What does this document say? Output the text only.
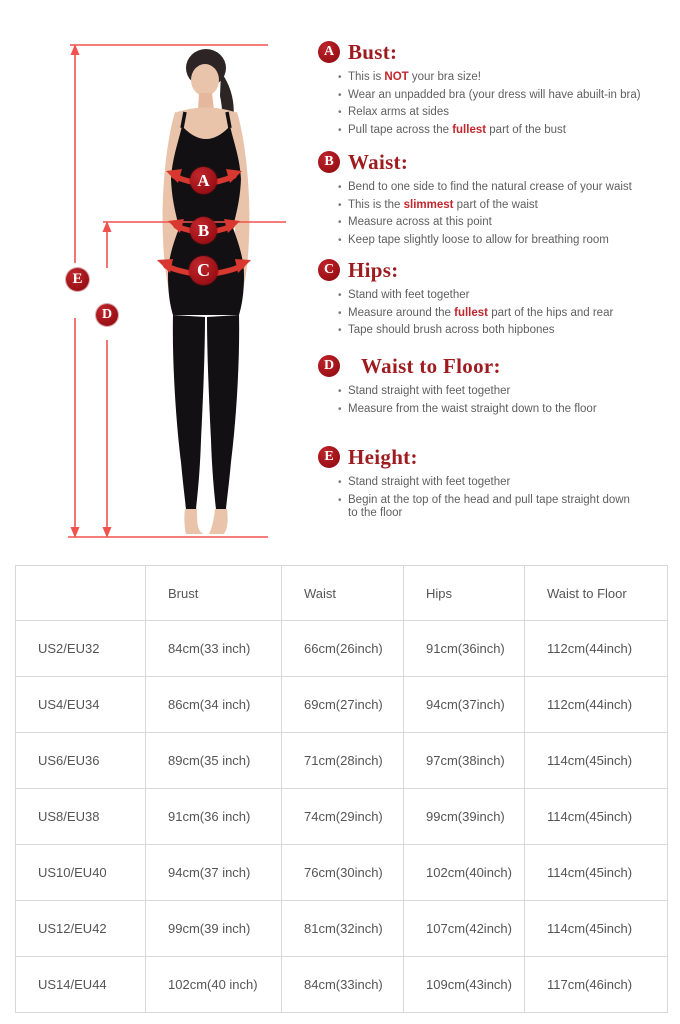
A
B
C
E
D
A Bust:
• This is NOT your bra size!
• Wear an unpadded bra (your dress will have abuilt-in bra)
• Relax arms at sides
• Pull tape across the fullest part of the bust
B Waist:
• Bend to one side to find the natural crease of your waist
• This is the slimmest part of the waist
• Measure across at this point
• Keep tape slightly loose to allow for breathing room
C Hips:
• Stand with feet together
• Measure around the fullest part of the hips and rear
• Tape should brush across both hipbones
D Waist to Floor:
• Stand straight with feet together
• Measure from the waist straight down to the floor
E Height:
• Stand straight with feet together
• Begin at the top of the head and pull tape straight down
to the floor
	Brust	Waist	Hips	Waist to Floor
US2/EU32	84cm(33 inch)	66cm(26inch)	91cm(36inch)	112cm(44inch)
US4/EU34	86cm(34 inch)	69cm(27inch)	94cm(37inch)	112cm(44inch)
US6/EU36	89cm(35 inch)	71cm(28inch)	97cm(38inch)	114cm(45inch)
US8/EU38	91cm(36 inch)	74cm(29inch)	99cm(39inch)	114cm(45inch)
US10/EU40	94cm(37 inch)	76cm(30inch)	102cm(40inch)	114cm(45inch)
US12/EU42	99cm(39 inch)	81cm(32inch)	107cm(42inch)	114cm(45inch)
US14/EU44	102cm(40 inch)	84cm(33inch)	109cm(43inch)	117cm(46inch)
